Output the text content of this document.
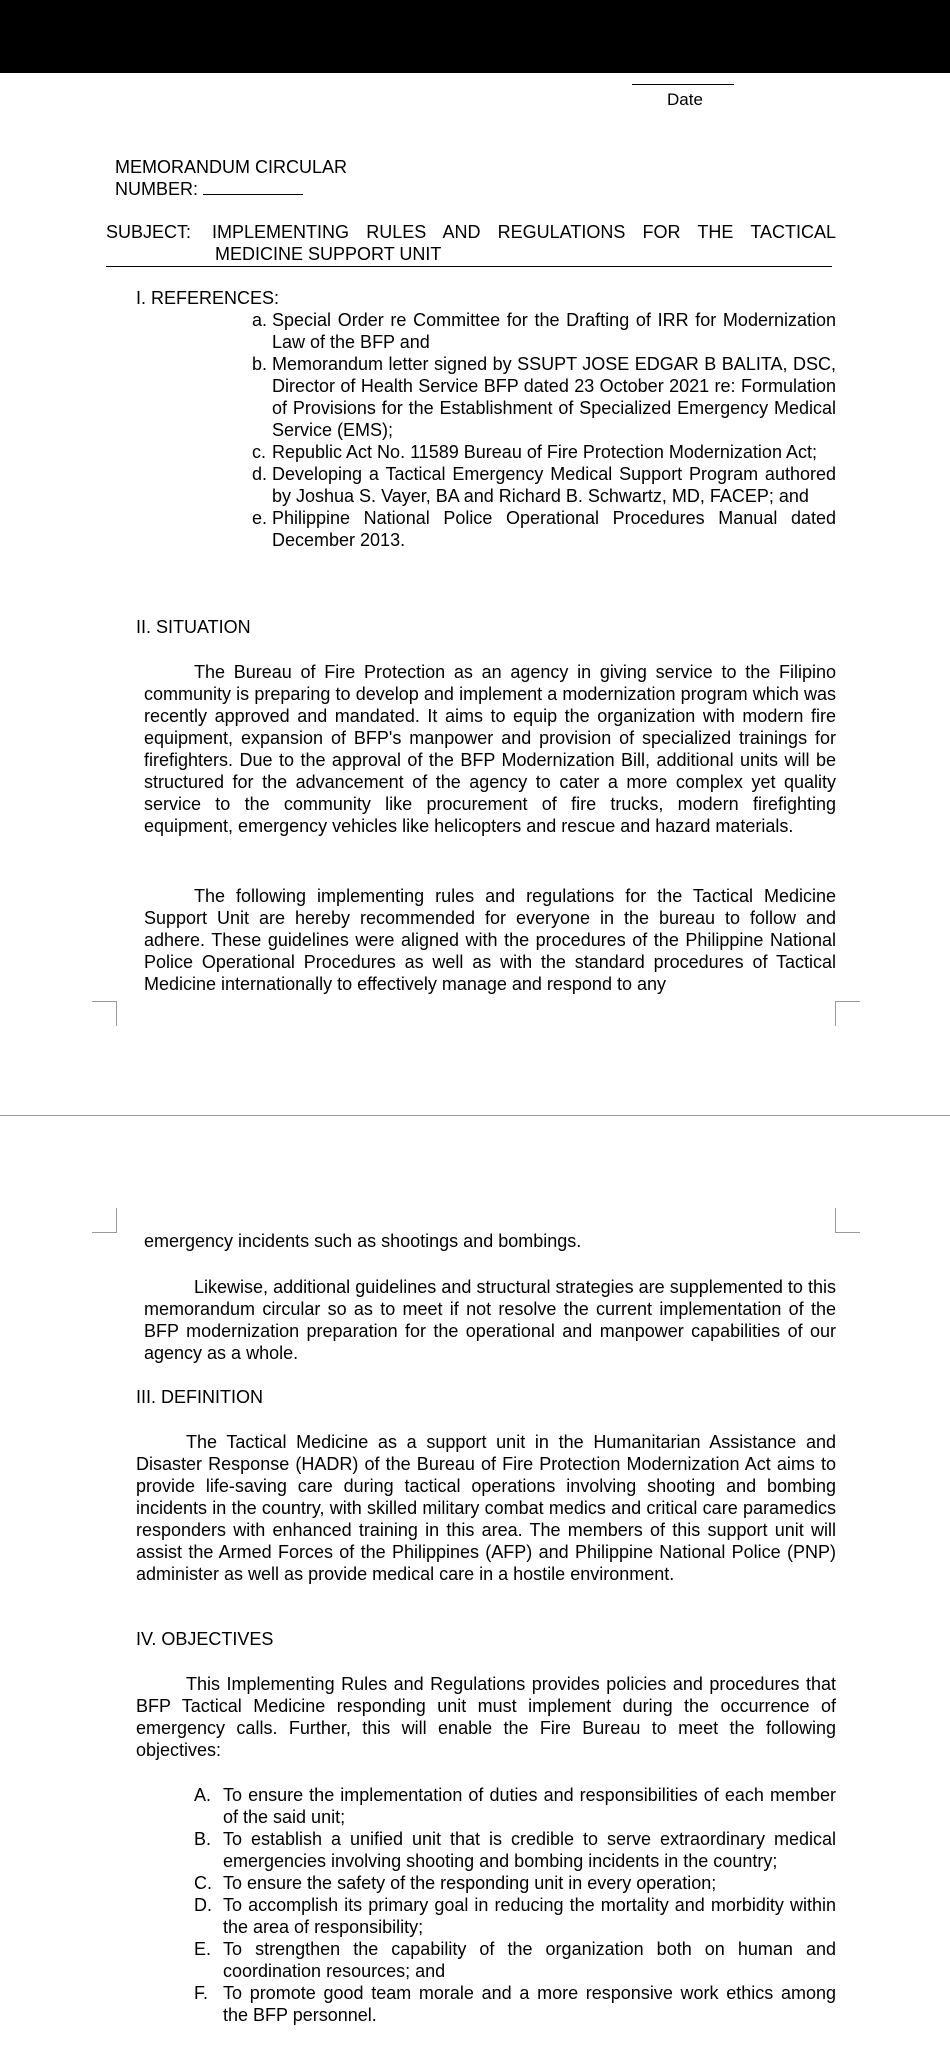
Date
MEMORANDUM CIRCULAR
NUMBER:
SUBJECT:	IMPLEMENTING RULES AND REGULATIONS FOR THE TACTICAL
MEDICINE SUPPORT UNIT
I. REFERENCES:
a. Special Order re Committee for the Drafting of IRR for Modernization Law of the BFP and
b. Memorandum letter signed by SSUPT JOSE EDGAR B BALITA, DSC, Director of Health Service BFP dated 23 October 2021 re: Formulation of Provisions for the Establishment of Specialized Emergency Medical Service (EMS);
c. Republic Act No. 11589 Bureau of Fire Protection Modernization Act;
d. Developing a Tactical Emergency Medical Support Program authored by Joshua S. Vayer, BA and Richard B. Schwartz, MD, FACEP; and
e. Philippine National Police Operational Procedures Manual dated December 2013.
II. SITUATION
The Bureau of Fire Protection as an agency in giving service to the Filipino community is preparing to develop and implement a modernization program which was recently approved and mandated. It aims to equip the organization with modern fire equipment, expansion of BFP's manpower and provision of specialized trainings for firefighters. Due to the approval of the BFP Modernization Bill, additional units will be structured for the advancement of the agency to cater a more complex yet quality service to the community like procurement of fire trucks, modern firefighting equipment, emergency vehicles like helicopters and rescue and hazard materials.
The following implementing rules and regulations for the Tactical Medicine Support Unit are hereby recommended for everyone in the bureau to follow and adhere. These guidelines were aligned with the procedures of the Philippine National Police Operational Procedures as well as with the standard procedures of Tactical Medicine internationally to effectively manage and respond to any
emergency incidents such as shootings and bombings.
Likewise, additional guidelines and structural strategies are supplemented to this memorandum circular so as to meet if not resolve the current implementation of the BFP modernization preparation for the operational and manpower capabilities of our agency as a whole.
III. DEFINITION
The Tactical Medicine as a support unit in the Humanitarian Assistance and Disaster Response (HADR) of the Bureau of Fire Protection Modernization Act aims to provide life-saving care during tactical operations involving shooting and bombing incidents in the country, with skilled military combat medics and critical care paramedics responders with enhanced training in this area. The members of this support unit will assist the Armed Forces of the Philippines (AFP) and Philippine National Police (PNP) administer as well as provide medical care in a hostile environment.
IV. OBJECTIVES
This Implementing Rules and Regulations provides policies and procedures that BFP Tactical Medicine responding unit must implement during the occurrence of emergency calls. Further, this will enable the Fire Bureau to meet the following objectives:
A. To ensure the implementation of duties and responsibilities of each member of the said unit;
B. To establish a unified unit that is credible to serve extraordinary medical emergencies involving shooting and bombing incidents in the country;
C. To ensure the safety of the responding unit in every operation;
D. To accomplish its primary goal in reducing the mortality and morbidity within the area of responsibility;
E. To strengthen the capability of the organization both on human and coordination resources; and
F. To promote good team morale and a more responsive work ethics among the BFP personnel.
